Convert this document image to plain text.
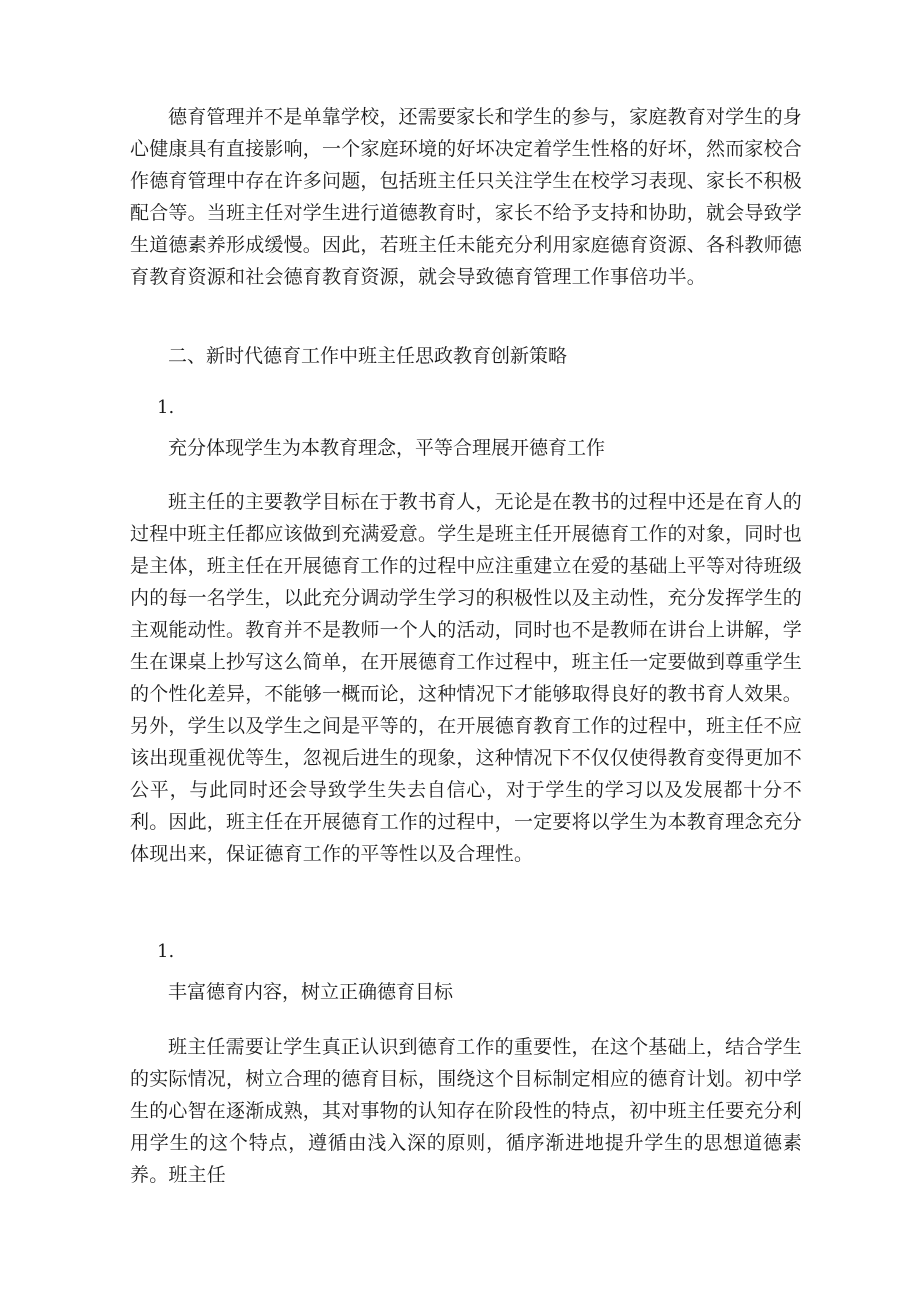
德育管理并不是单靠学校，还需要家长和学生的参与，家庭教育对学生的身心健康具有直接影响，一个家庭环境的好坏决定着学生性格的好坏，然而家校合作德育管理中存在许多问题，包括班主任只关注学生在校学习表现、家长不积极配合等。当班主任对学生进行道德教育时，家长不给予支持和协助，就会导致学生道德素养形成缓慢。因此，若班主任未能充分利用家庭德育资源、各科教师德育教育资源和社会德育教育资源，就会导致德育管理工作事倍功半。

二、新时代德育工作中班主任思政教育创新策略

1.

充分体现学生为本教育理念，平等合理展开德育工作

班主任的主要教学目标在于教书育人，无论是在教书的过程中还是在育人的过程中班主任都应该做到充满爱意。学生是班主任开展德育工作的对象，同时也是主体，班主任在开展德育工作的过程中应注重建立在爱的基础上平等对待班级内的每一名学生，以此充分调动学生学习的积极性以及主动性，充分发挥学生的主观能动性。教育并不是教师一个人的活动，同时也不是教师在讲台上讲解，学生在课桌上抄写这么简单，在开展德育工作过程中，班主任一定要做到尊重学生的个性化差异，不能够一概而论，这种情况下才能够取得良好的教书育人效果。另外，学生以及学生之间是平等的，在开展德育教育工作的过程中，班主任不应该出现重视优等生，忽视后进生的现象，这种情况下不仅仅使得教育变得更加不公平，与此同时还会导致学生失去自信心，对于学生的学习以及发展都十分不利。因此，班主任在开展德育工作的过程中，一定要将以学生为本教育理念充分体现出来，保证德育工作的平等性以及合理性。

1.

丰富德育内容，树立正确德育目标

班主任需要让学生真正认识到德育工作的重要性，在这个基础上，结合学生的实际情况，树立合理的德育目标，围绕这个目标制定相应的德育计划。初中学生的心智在逐渐成熟，其对事物的认知存在阶段性的特点，初中班主任要充分利用学生的这个特点，遵循由浅入深的原则，循序渐进地提升学生的思想道德素养。班主任
